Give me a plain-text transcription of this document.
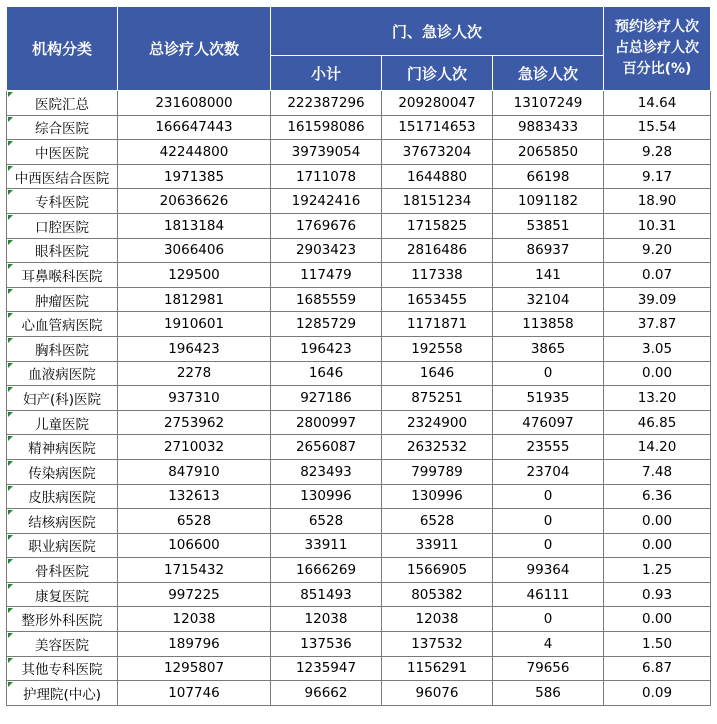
机构分类	总诊疗人次数	门、急诊人次			预约诊疗人次
占总诊疗人次
百分比(%)
		小计	门诊人次	急诊人次	
医院汇总	231608000	222387296	209280047	13107249	14.64
综合医院	166647443	161598086	151714653	9883433	15.54
中医医院	42244800	39739054	37673204	2065850	9.28
中西医结合医院	1971385	1711078	1644880	66198	9.17
专科医院	20636626	19242416	18151234	1091182	18.90
口腔医院	1813184	1769676	1715825	53851	10.31
眼科医院	3066406	2903423	2816486	86937	9.20
耳鼻喉科医院	129500	117479	117338	141	0.07
肿瘤医院	1812981	1685559	1653455	32104	39.09
心血管病医院	1910601	1285729	1171871	113858	37.87
胸科医院	196423	196423	192558	3865	3.05
血液病医院	2278	1646	1646	0	0.00
妇产(科)医院	937310	927186	875251	51935	13.20
儿童医院	2753962	2800997	2324900	476097	46.85
精神病医院	2710032	2656087	2632532	23555	14.20
传染病医院	847910	823493	799789	23704	7.48
皮肤病医院	132613	130996	130996	0	6.36
结核病医院	6528	6528	6528	0	0.00
职业病医院	106600	33911	33911	0	0.00
骨科医院	1715432	1666269	1566905	99364	1.25
康复医院	997225	851493	805382	46111	0.93
整形外科医院	12038	12038	12038	0	0.00
美容医院	189796	137536	137532	4	1.50
其他专科医院	1295807	1235947	1156291	79656	6.87
护理院(中心)	107746	96662	96076	586	0.09
